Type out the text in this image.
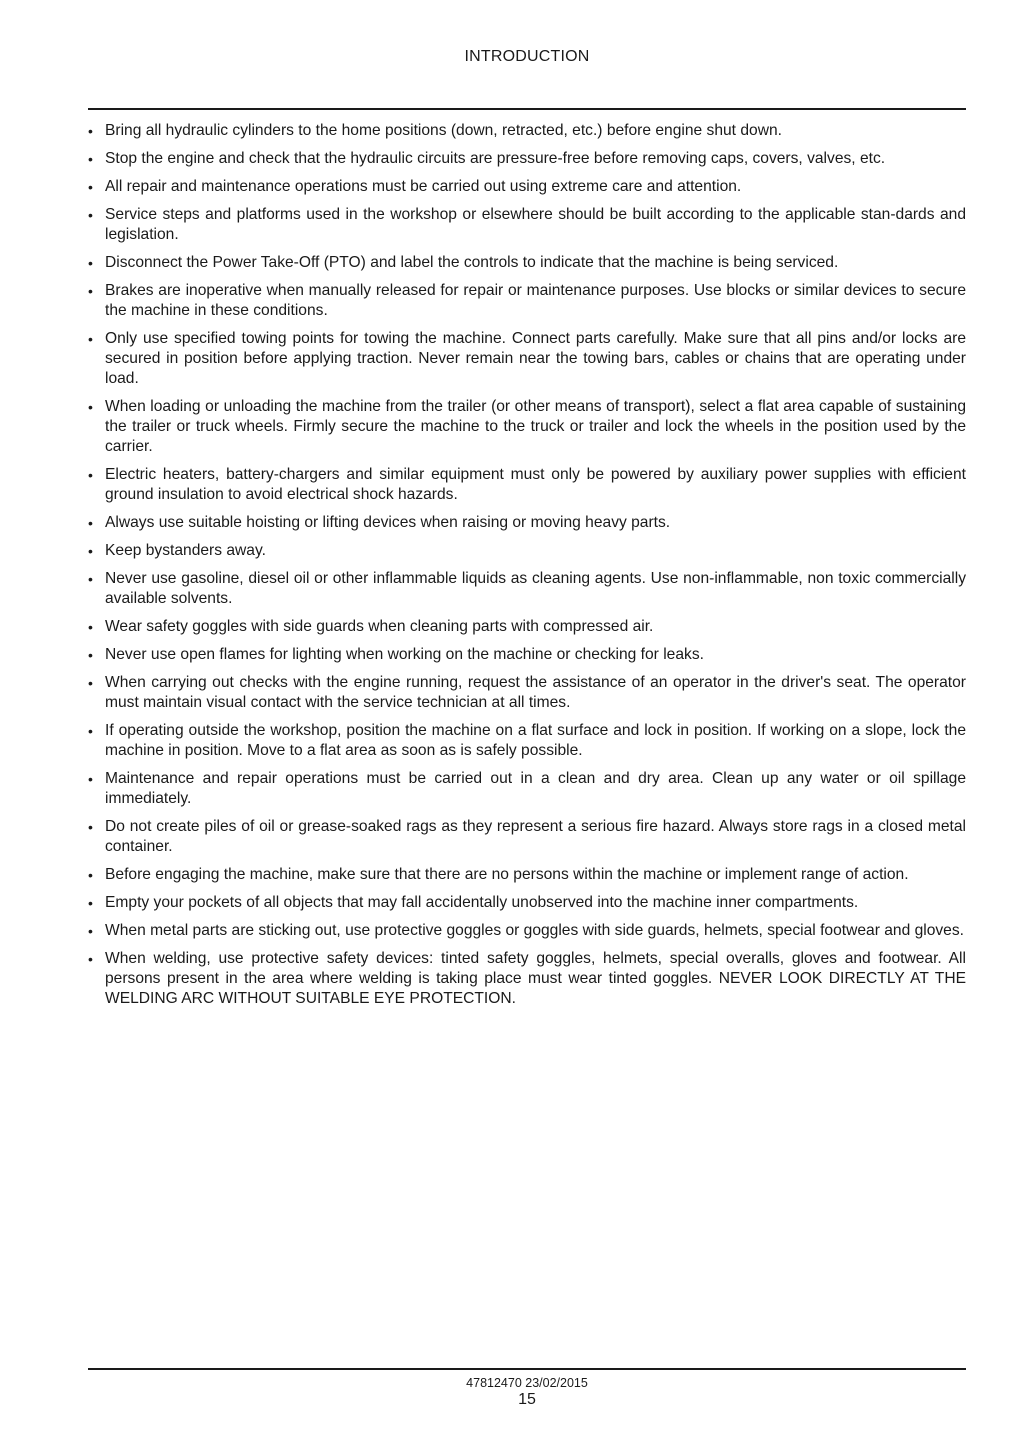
INTRODUCTION
• Bring all hydraulic cylinders to the home positions (down, retracted, etc.) before engine shut down.
• Stop the engine and check that the hydraulic circuits are pressure-free before removing caps, covers, valves, etc.
• All repair and maintenance operations must be carried out using extreme care and attention.
• Service steps and platforms used in the workshop or elsewhere should be built according to the applicable stan-dards and legislation.
• Disconnect the Power Take-Off (PTO) and label the controls to indicate that the machine is being serviced.
• Brakes are inoperative when manually released for repair or maintenance purposes. Use blocks or similar devices to secure the machine in these conditions.
• Only use specified towing points for towing the machine. Connect parts carefully. Make sure that all pins and/or locks are secured in position before applying traction. Never remain near the towing bars, cables or chains that are operating under load.
• When loading or unloading the machine from the trailer (or other means of transport), select a flat area capable of sustaining the trailer or truck wheels. Firmly secure the machine to the truck or trailer and lock the wheels in the position used by the carrier.
• Electric heaters, battery-chargers and similar equipment must only be powered by auxiliary power supplies with efficient ground insulation to avoid electrical shock hazards.
• Always use suitable hoisting or lifting devices when raising or moving heavy parts.
• Keep bystanders away.
• Never use gasoline, diesel oil or other inflammable liquids as cleaning agents. Use non-inflammable, non toxic commercially available solvents.
• Wear safety goggles with side guards when cleaning parts with compressed air.
• Never use open flames for lighting when working on the machine or checking for leaks.
• When carrying out checks with the engine running, request the assistance of an operator in the driver's seat. The operator must maintain visual contact with the service technician at all times.
• If operating outside the workshop, position the machine on a flat surface and lock in position. If working on a slope, lock the machine in position. Move to a flat area as soon as is safely possible.
• Maintenance and repair operations must be carried out in a clean and dry area. Clean up any water or oil spillage immediately.
• Do not create piles of oil or grease-soaked rags as they represent a serious fire hazard. Always store rags in a closed metal container.
• Before engaging the machine, make sure that there are no persons within the machine or implement range of action.
• Empty your pockets of all objects that may fall accidentally unobserved into the machine inner compartments.
• When metal parts are sticking out, use protective goggles or goggles with side guards, helmets, special footwear and gloves.
• When welding, use protective safety devices: tinted safety goggles, helmets, special overalls, gloves and footwear. All persons present in the area where welding is taking place must wear tinted goggles. NEVER LOOK DIRECTLY AT THE WELDING ARC WITHOUT SUITABLE EYE PROTECTION.
47812470 23/02/2015
15
